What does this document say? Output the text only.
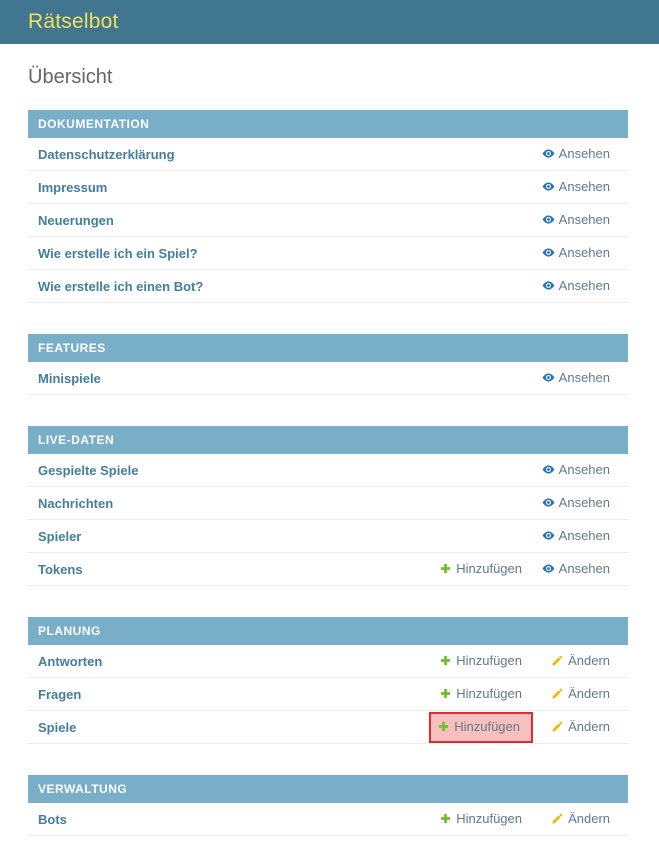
Rätselbot
Übersicht
DOKUMENTATION
Datenschutzerklärung	Ansehen
Impressum	Ansehen
Neuerungen	Ansehen
Wie erstelle ich ein Spiel?	Ansehen
Wie erstelle ich einen Bot?	Ansehen
FEATURES
Minispiele	Ansehen
LIVE-DATEN
Gespielte Spiele	Ansehen
Nachrichten	Ansehen
Spieler	Ansehen
Tokens	Hinzufügen	Ansehen
PLANUNG
Antworten	Hinzufügen	Ändern
Fragen	Hinzufügen	Ändern
Spiele	Hinzufügen	Ändern
VERWALTUNG
Bots	Hinzufügen	Ändern
